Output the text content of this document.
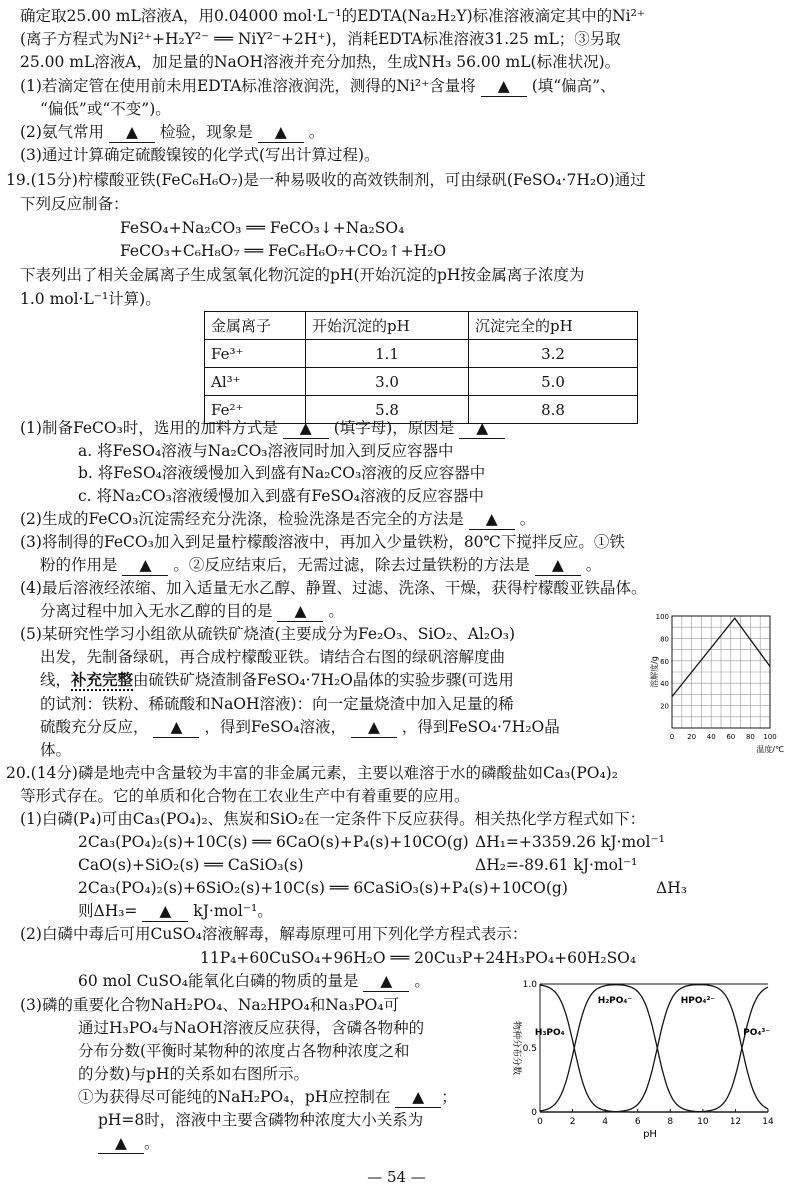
确定取25.00 mL溶液A，用0.04000 mol·L⁻¹的EDTA(Na₂H₂Y)标准溶液滴定其中的Ni²⁺
(离子方程式为Ni²⁺+H₂Y²⁻ ══ NiY²⁻+2H⁺)，消耗EDTA标准溶液31.25 mL；③另取
25.00 mL溶液A，加足量的NaOH溶液并充分加热，生成NH₃ 56.00 mL(标准状况)。
(1)若滴定管在使用前未用EDTA标准溶液润洗，测得的Ni²⁺含量将 ▲ (填“偏高”、
“偏低”或“不变”)。
(2)氨气常用 ▲ 检验，现象是 ▲ 。
(3)通过计算确定硫酸镍铵的化学式(写出计算过程)。
19.(15分)柠檬酸亚铁(FeC₆H₆O₇)是一种易吸收的高效铁制剂，可由绿矾(FeSO₄·7H₂O)通过
下列反应制备：
FeSO₄+Na₂CO₃ ══ FeCO₃↓+Na₂SO₄
FeCO₃+C₆H₈O₇ ══ FeC₆H₆O₇+CO₂↑+H₂O
下表列出了相关金属离子生成氢氧化物沉淀的pH(开始沉淀的pH按金属离子浓度为
1.0 mol·L⁻¹计算)。
金属离子	开始沉淀的pH	沉淀完全的pH
Fe³⁺	1.1	3.2
Al³⁺	3.0	5.0
Fe²⁺	5.8	8.8
(1)制备FeCO₃时，选用的加料方式是 ▲ (填字母)，原因是 ▲
a. 将FeSO₄溶液与Na₂CO₃溶液同时加入到反应容器中
b. 将FeSO₄溶液缓慢加入到盛有Na₂CO₃溶液的反应容器中
c. 将Na₂CO₃溶液缓慢加入到盛有FeSO₄溶液的反应容器中
(2)生成的FeCO₃沉淀需经充分洗涤，检验洗涤是否完全的方法是 ▲ 。
(3)将制得的FeCO₃加入到足量柠檬酸溶液中，再加入少量铁粉，80℃下搅拌反应。①铁
粉的作用是 ▲ 。②反应结束后，无需过滤，除去过量铁粉的方法是 ▲ 。
(4)最后溶液经浓缩、加入适量无水乙醇、静置、过滤、洗涤、干燥，获得柠檬酸亚铁晶体。
分离过程中加入无水乙醇的目的是 ▲ 。
(5)某研究性学习小组欲从硫铁矿烧渣(主要成分为Fe₂O₃、SiO₂、Al₂O₃)
出发，先制备绿矾，再合成柠檬酸亚铁。请结合右图的绿矾溶解度曲
线，补充完整由硫铁矿烧渣制备FeSO₄·7H₂O晶体的实验步骤(可选用
的试剂：铁粉、稀硫酸和NaOH溶液)：向一定量烧渣中加入足量的稀
硫酸充分反应， ▲ ，得到FeSO₄溶液， ▲ ，得到FeSO₄·7H₂O晶
体。
0 20 40 60 80 100
20
40
60
80
100
温度/℃
溶解度/g
20.(14分)磷是地壳中含量较为丰富的非金属元素，主要以难溶于水的磷酸盐如Ca₃(PO₄)₂
等形式存在。它的单质和化合物在工农业生产中有着重要的应用。
(1)白磷(P₄)可由Ca₃(PO₄)₂、焦炭和SiO₂在一定条件下反应获得。相关热化学方程式如下：
2Ca₃(PO₄)₂(s)+10C(s) ══ 6CaO(s)+P₄(s)+10CO(g) ΔH₁=+3359.26 kJ·mol⁻¹
CaO(s)+SiO₂(s) ══ CaSiO₃(s)	ΔH₂=-89.61 kJ·mol⁻¹
2Ca₃(PO₄)₂(s)+6SiO₂(s)+10C(s) ══ 6CaSiO₃(s)+P₄(s)+10CO(g)	ΔH₃
则ΔH₃= ▲ kJ·mol⁻¹。
(2)白磷中毒后可用CuSO₄溶液解毒，解毒原理可用下列化学方程式表示：
11P₄+60CuSO₄+96H₂O ══ 20Cu₃P+24H₃PO₄+60H₂SO₄
60 mol CuSO₄能氧化白磷的物质的量是 ▲ 。
(3)磷的重要化合物NaH₂PO₄、Na₂HPO₄和Na₃PO₄可
通过H₃PO₄与NaOH溶液反应获得，含磷各物种的
分布分数(平衡时某物种的浓度占各物种浓度之和
的分数)与pH的关系如右图所示。
①为获得尽可能纯的NaH₂PO₄，pH应控制在 ▲ ；
pH=8时，溶液中主要含磷物种浓度大小关系为
▲ 。
0	2	4	6	8	10 12 14
0
0.5
1.0
pH
物种分布分数 H₃PO₄
H₂PO₄⁻	HPO₄²⁻
PO₄³⁻
— 54 —
